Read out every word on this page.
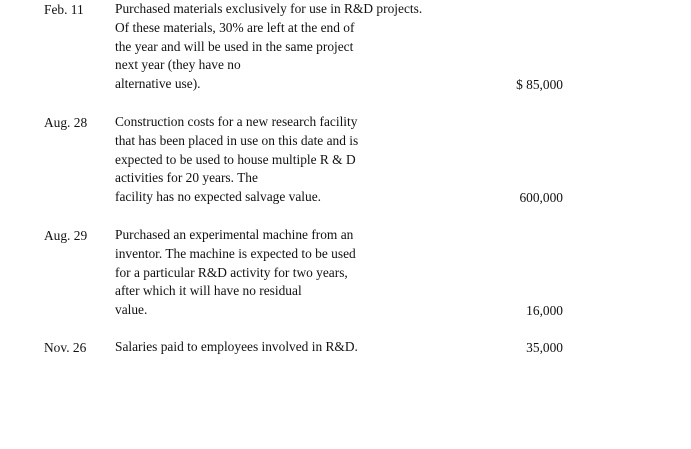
Feb. 11 Purchased materials exclusively for use in R&D projects.
Of these materials, 30% are left at the end of
the year and will be used in the same project
next year (they have no
alternative use).	$ 85,000
Aug. 28 Construction costs for a new research facility
that has been placed in use on this date and is
expected to be used to house multiple R & D
activities for 20 years. The
facility has no expected salvage value.	600,000
Aug. 29 Purchased an experimental machine from an
inventor. The machine is expected to be used
for a particular R&D activity for two years,
after which it will have no residual
value.	16,000
Nov. 26 Salaries paid to employees involved in R&D.	35,000
